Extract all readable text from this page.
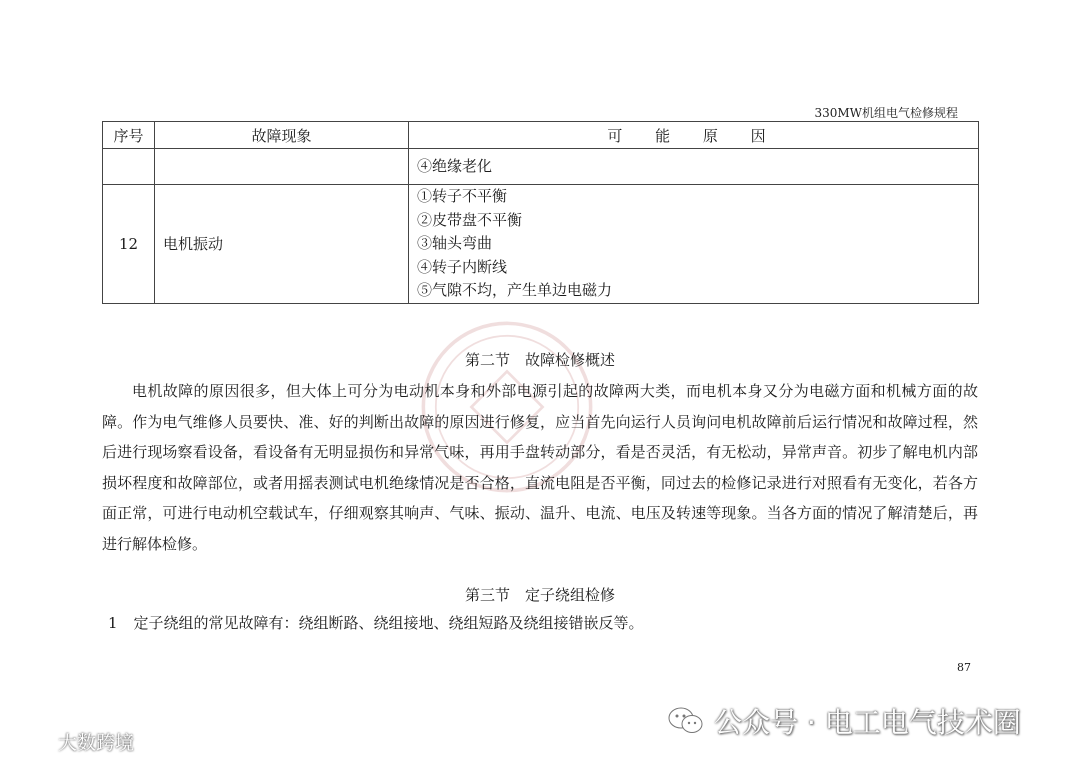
330MW机组电气检修规程
序号	故障现象	可 能 原 因

		④绝缘老化

12	电机振动	①转子不平衡
②皮带盘不平衡
③轴头弯曲
④转子内断线
⑤气隙不均，产生单边电磁力
第二节　故障检修概述

电机故障的原因很多，但大体上可分为电动机本身和外部电源引起的故障两大类，而电机本身又分为电磁方面和机械方面的故障。作为电气维修人员要快、准、好的判断出故障的原因进行修复，应当首先向运行人员询问电机故障前后运行情况和故障过程，然后进行现场察看设备，看设备有无明显损伤和异常气味，再用手盘转动部分，看是否灵活，有无松动，异常声音。初步了解电机内部损坏程度和故障部位，或者用摇表测试电机绝缘情况是否合格，直流电阻是否平衡，同过去的检修记录进行对照看有无变化，若各方面正常，可进行电动机空载试车，仔细观察其响声、气味、振动、温升、电流、电压及转速等现象。当各方面的情况了解清楚后，再进行解体检修。

第三节　定子绕组检修
1 定子绕组的常见故障有：绕组断路、绕组接地、绕组短路及绕组接错嵌反等。
87
大数跨境
公众号 · 电工电气技术圈
